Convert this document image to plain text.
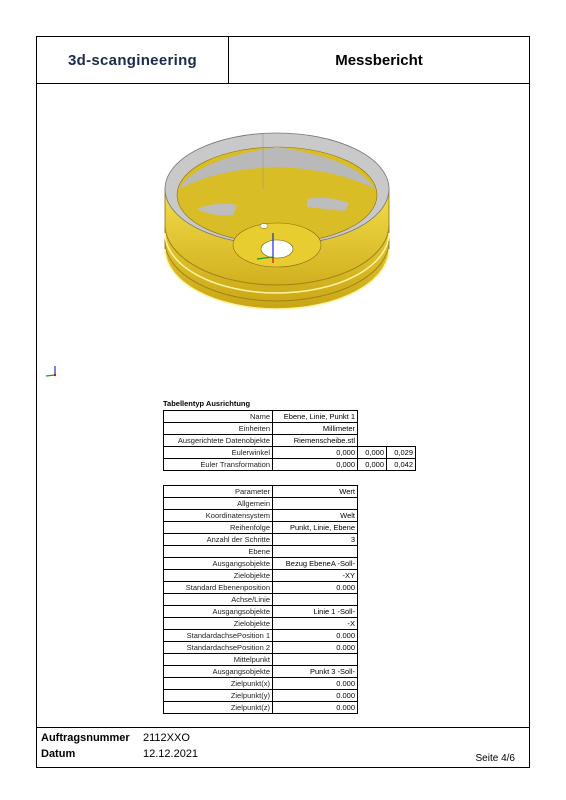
3d-scangineering	Messbericht
Tabellentyp Ausrichtung
Name	Ebene, Linie, Punkt 1		
Einheiten	Millimeter		
Ausgerichtete Datenobjekte	Riemenscheibe.stl		
Eulerwinkel	0,000	0,000	0,029
Euler Transformation	0,000	0,000	0,042
Parameter	Wert
Allgemein	
Koordinatensystem	Welt
Reihenfolge	Punkt, Linie, Ebene
Anzahl der Schritte	3
Ebene	
Ausgangsobjekte	Bezug EbeneA -Soll-
Zielobjekte	-XY
Standard Ebenenposition	0.000
Achse/Linie	
Ausgangsobjekte	Linie 1 -Soll-
Zielobjekte	-X
StandardachsePosition 1	0.000
StandardachsePosition 2	0.000
Mittelpunkt	
Ausgangsobjekte	Punkt 3 -Soll-
Zielpunkt(x)	0.000
Zielpunkt(y)	0.000
Zielpunkt(z)	0.000
Auftragsnummer 2112XXO
Datum	12.12.2021	Seite 4/6
